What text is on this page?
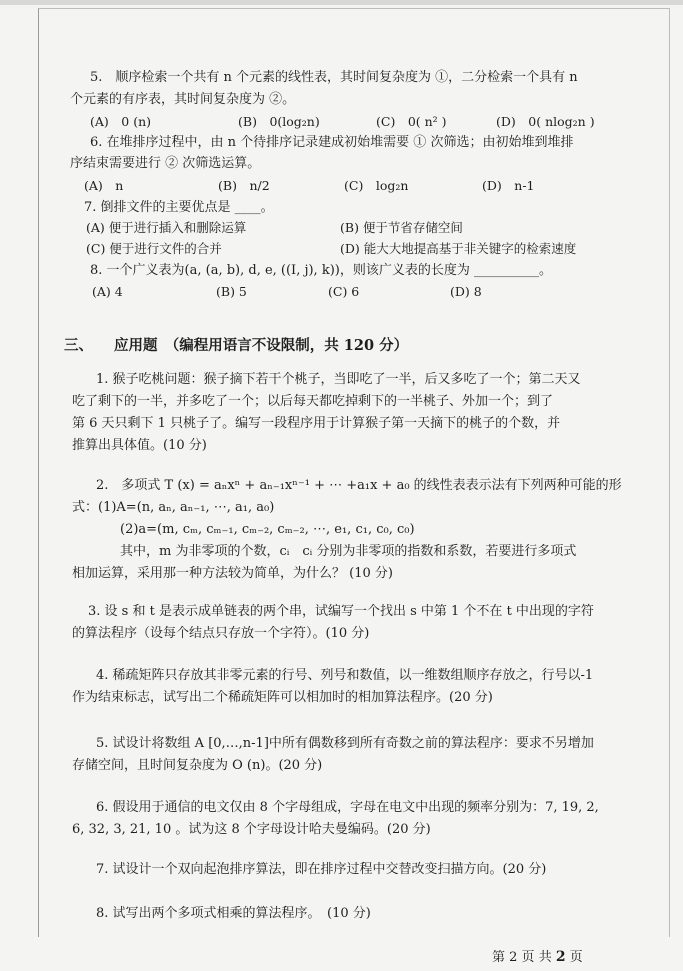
5.　顺序检索一个共有 n 个元素的线性表，其时间复杂度为 ①，二分检索一个具有 n
个元素的有序表，其时间复杂度为 ②。
(A)　0 (n)	(B)　0(log₂n)	(C)　0( n² )	(D)　0( nlog₂n )
6. 在堆排序过程中，由 n 个待排序记录建成初始堆需要 ① 次筛选；由初始堆到堆排
序结束需要进行 ② 次筛选运算。
(A)　n	(B)　n/2	(C)　log₂n	(D)　n-1
7. 倒排文件的主要优点是 ____。
(A) 便于进行插入和删除运算	(B) 便于节省存储空间
(C) 便于进行文件的合并	(D) 能大大地提高基于非关键字的检索速度
8. 一个广义表为(a, (a, b), d, e, ((I, j), k))，则该广义表的长度为 __________。
(A) 4	(B) 5	(C) 6	(D) 8
三、 应用题　（编程用语言不设限制，共 120 分）
1. 猴子吃桃问题：猴子摘下若干个桃子，当即吃了一半，后又多吃了一个；第二天又
吃了剩下的一半，并多吃了一个；以后每天都吃掉剩下的一半桃子、外加一个；到了
第 6 天只剩下 1 只桃子了。编写一段程序用于计算猴子第一天摘下的桃子的个数，并
推算出具体值。(10 分)
2.　多项式 T (x) = aₙxⁿ + aₙ₋₁xⁿ⁻¹ + ⋯ +a₁x + a₀ 的线性表表示法有下列两种可能的形
式：(1)A=(n, aₙ, aₙ₋₁, ⋯, a₁, a₀)
(2)a=(m, cₘ, cₘ₋₁, cₘ₋₂, cₘ₋₂, ⋯, e₁, c₁, c₀, c₀)
其中，m 为非零项的个数，cᵢ　cᵢ 分别为非零项的指数和系数，若要进行多项式
相加运算，采用那一种方法较为简单，为什么？ (10 分)
3. 设 s 和 t 是表示成单链表的两个串，试编写一个找出 s 中第 1 个不在 t 中出现的字符
的算法程序（设每个结点只存放一个字符）。(10 分)
4. 稀疏矩阵只存放其非零元素的行号、列号和数值，以一维数组顺序存放之，行号以-1
作为结束标志，试写出二个稀疏矩阵可以相加时的相加算法程序。(20 分)
5. 试设计将数组 A [0,…,n-1]中所有偶数移到所有奇数之前的算法程序：要求不另增加
存储空间，且时间复杂度为 O (n)。(20 分)
6. 假设用于通信的电文仅由 8 个字母组成，字母在电文中出现的频率分别为：7, 19, 2,
6, 32, 3, 21, 10 。试为这 8 个字母设计哈夫曼编码。(20 分)
7. 试设计一个双向起泡排序算法，即在排序过程中交替改变扫描方向。(20 分)
8. 试写出两个多项式相乘的算法程序。　(10 分)
第 2 页 共 2 页
